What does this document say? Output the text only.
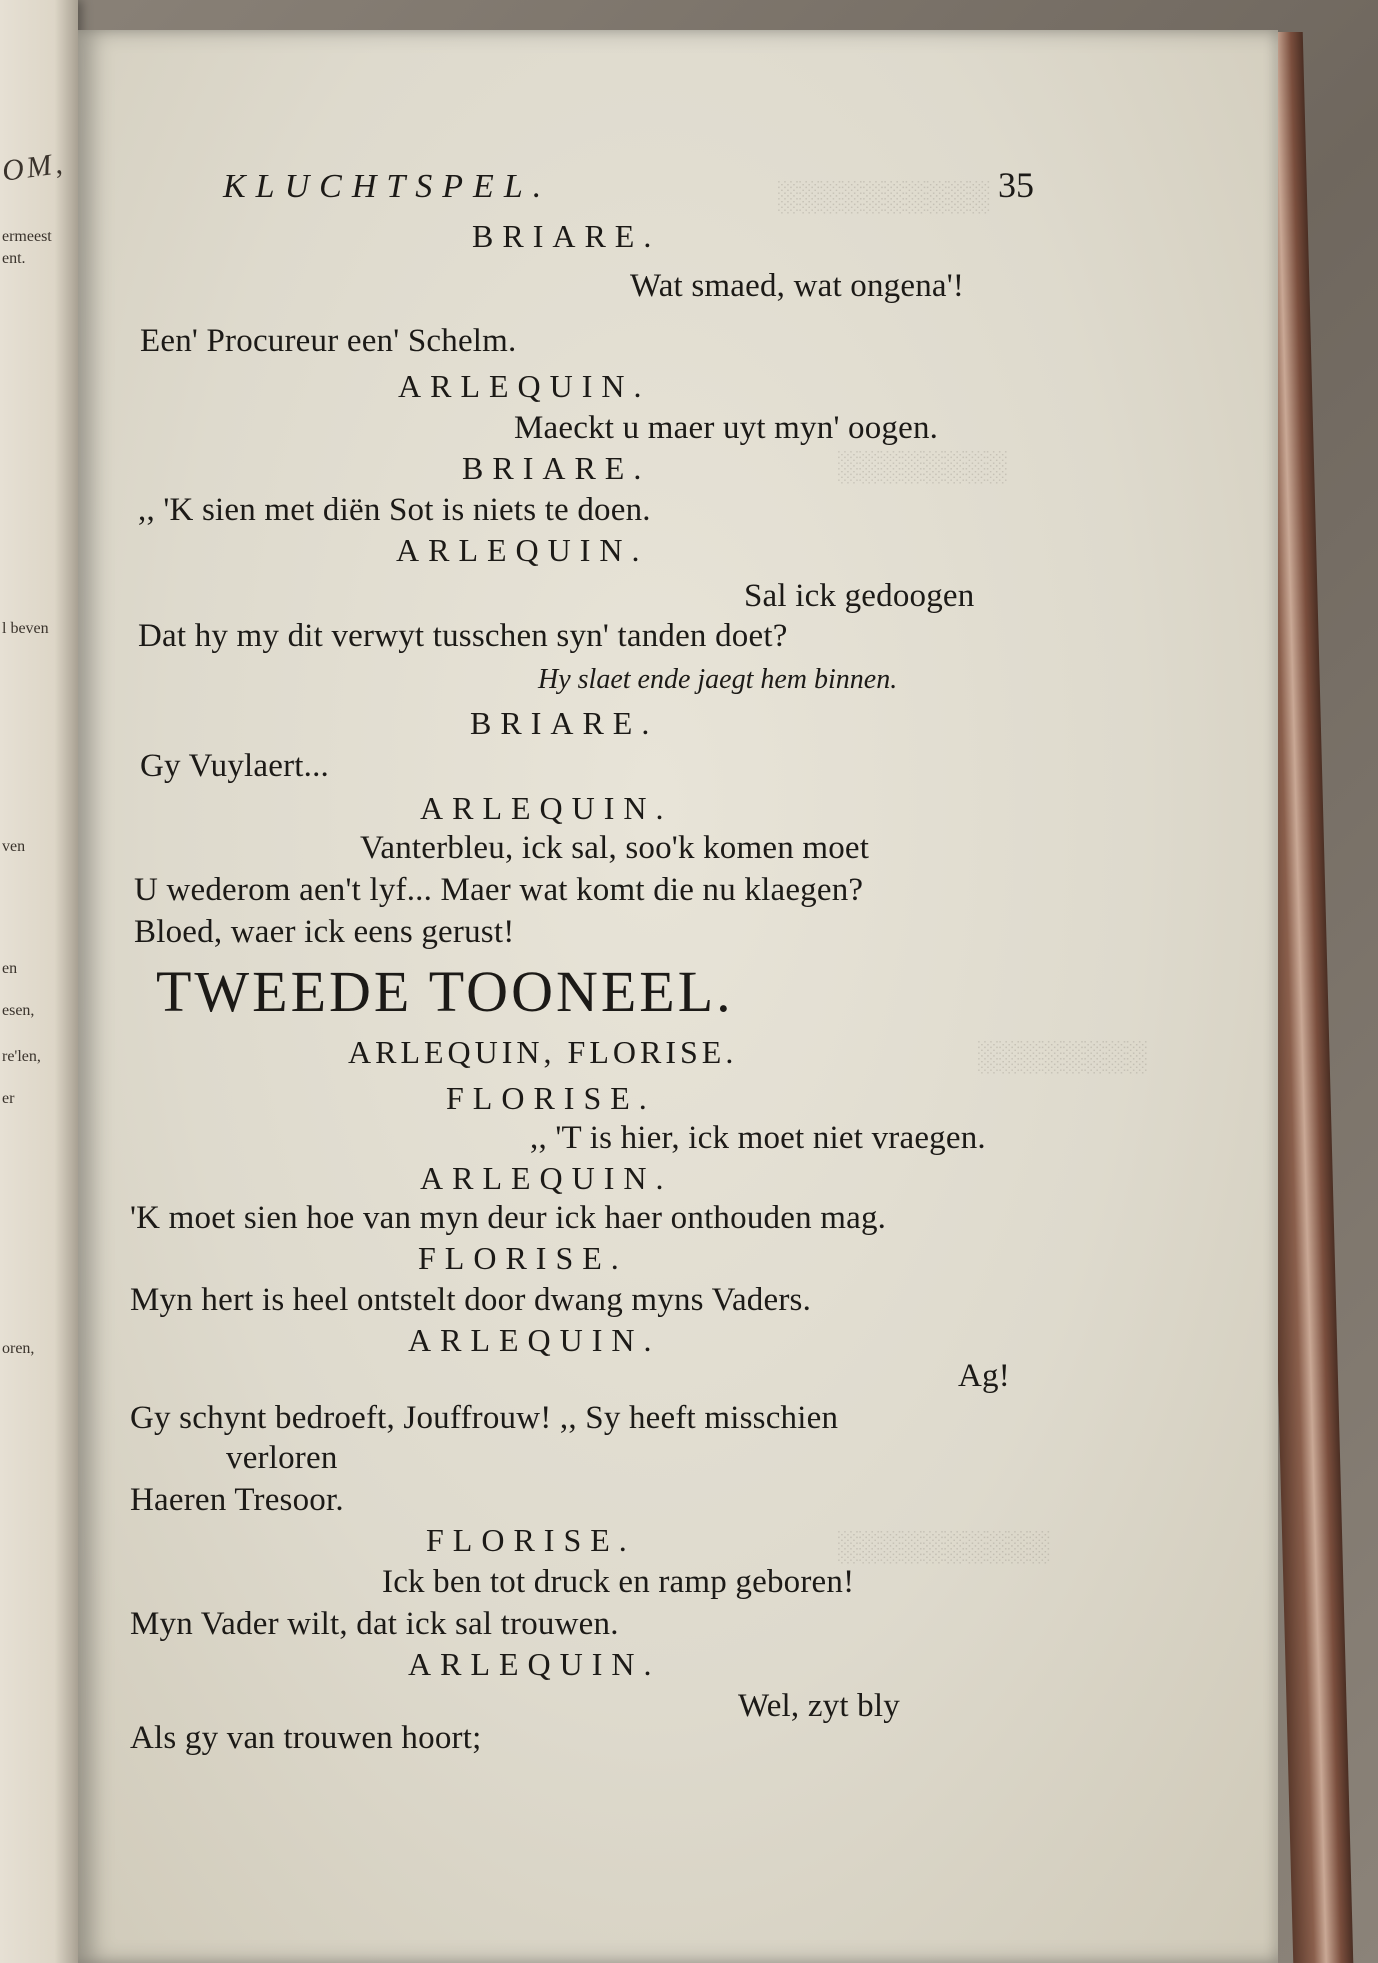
OM,
ermeest
ent.
l beven
ven
en
esen,
re'len,
er
oren,
░░░░░░░░░░
░░░░░░░░
░░░░░░░░
░░░░░░░░░░
KLUCHTSPEL.	35
BRIARE.
Wat smaed, wat ongena'!
Een' Procureur een' Schelm.
ARLEQUIN.
Maeckt u maer uyt myn' oogen.
BRIARE.
,, 'K sien met diën Sot is niets te doen.
ARLEQUIN.
Sal ick gedoogen
Dat hy my dit verwyt tusschen syn' tanden doet?
Hy slaet ende jaegt hem binnen.
BRIARE.
Gy Vuylaert...
ARLEQUIN.
Vanterbleu, ick sal, soo'k komen moet
U wederom aen't lyf... Maer wat komt die nu klaegen?
Bloed, waer ick eens gerust!
TWEEDE TOONEEL.
ARLEQUIN, FLORISE.
FLORISE.
,, 'T is hier, ick moet niet vraegen.
ARLEQUIN.
'K moet sien hoe van myn deur ick haer onthouden mag.
FLORISE.
Myn hert is heel ontstelt door dwang myns Vaders.
ARLEQUIN.
Ag!
Gy schynt bedroeft, Jouffrouw! ,, Sy heeft misschien
verloren
Haeren Tresoor.
FLORISE.
Ick ben tot druck en ramp geboren!
Myn Vader wilt, dat ick sal trouwen.
ARLEQUIN.
Wel, zyt bly
Als gy van trouwen hoort;
